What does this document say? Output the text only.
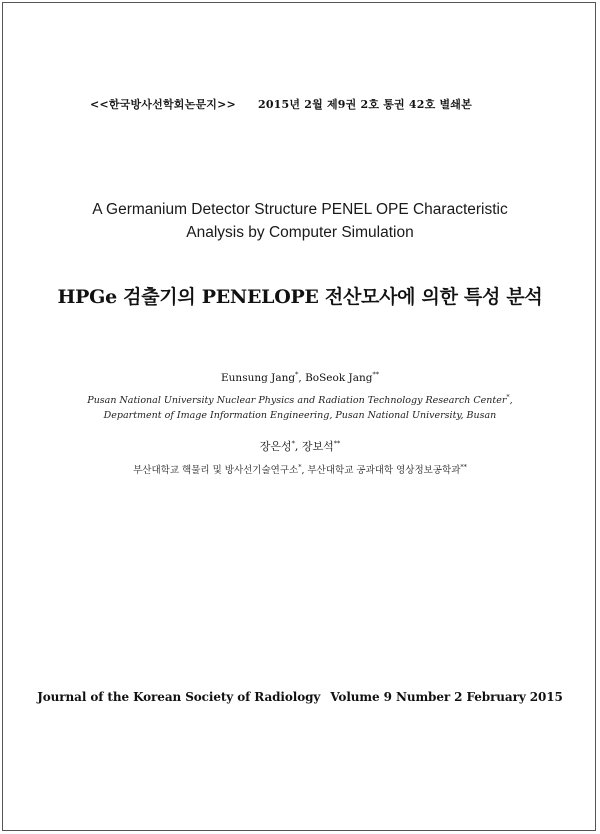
<<한국방사선학회논문지>> 2015년 2월 제9권 2호 통권 42호 별쇄본
A Germanium Detector Structure PENEL OPE Characteristic
Analysis by Computer Simulation
HPGe 검출기의 PENELOPE 전산모사에 의한 특성 분석
Eunsung Jang*, BoSeok Jang**
Pusan National University Nuclear Physics and Radiation Technology Research Center*,
Department of Image Information Engineering, Pusan National University, Busan
장은성*, 장보석**
부산대학교 핵물리 및 방사선기술연구소*, 부산대학교 공과대학 영상정보공학과**
Journal of the Korean Society of Radiology Volume 9 Number 2 February 2015
